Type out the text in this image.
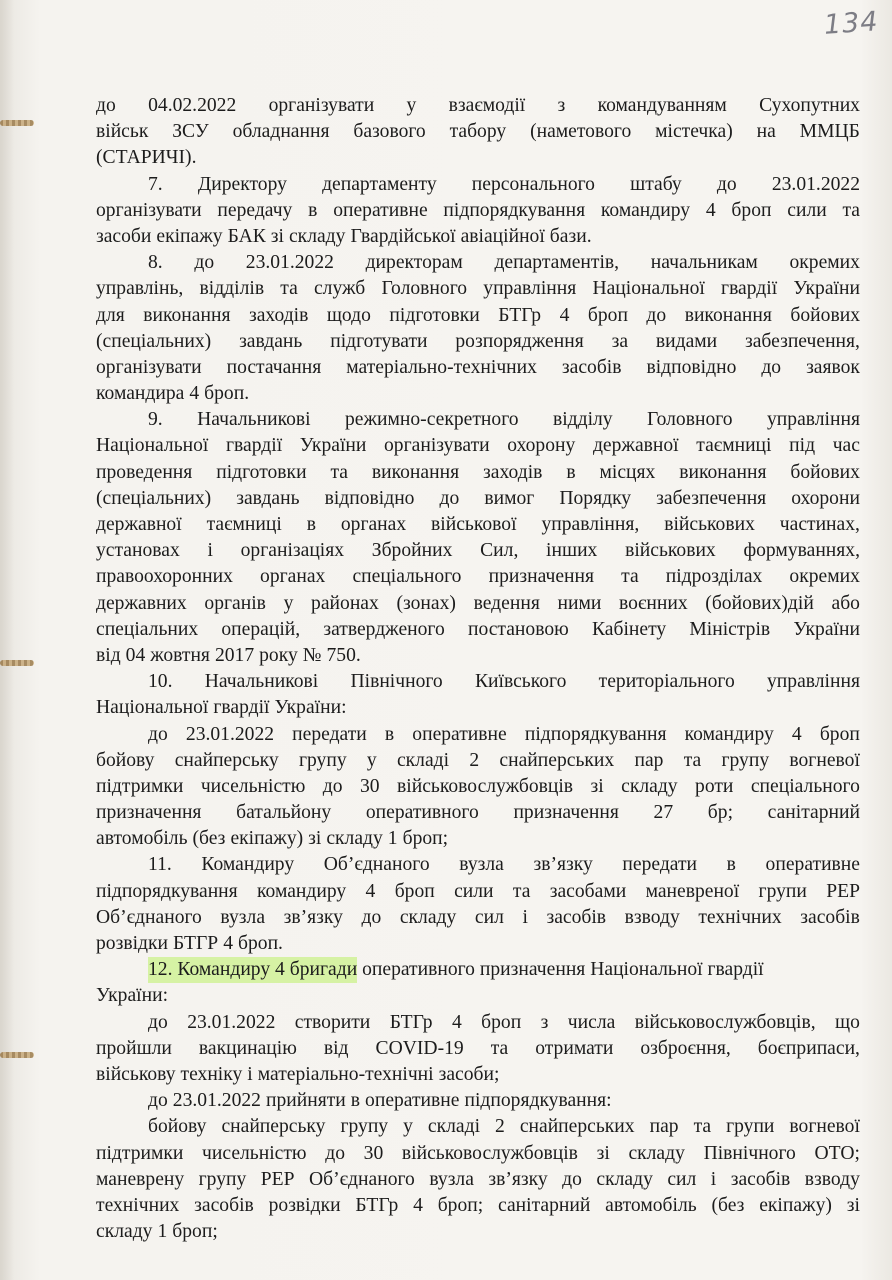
134
до 04.02.2022 організувати у взаємодії з командуванням Сухопутних
військ ЗСУ обладнання базового табору (наметового містечка) на ММЦБ
(СТАРИЧІ).
7. Директору департаменту персонального штабу до 23.01.2022
організувати передачу в оперативне підпорядкування командиру 4 броп сили та
засоби екіпажу БАК зі складу Гвардійської авіаційної бази.
8. до 23.01.2022 директорам департаментів, начальникам окремих
управлінь, відділів та служб Головного управління Національної гвардії України
для виконання заходів щодо підготовки БТГр 4 броп до виконання бойових
(спеціальних) завдань підготувати розпорядження за видами забезпечення,
організувати постачання матеріально-технічних засобів відповідно до заявок
командира 4 броп.
9. Начальникові режимно-секретного відділу Головного управління
Національної гвардії України організувати охорону державної таємниці під час
проведення підготовки та виконання заходів в місцях виконання бойових
(спеціальних) завдань відповідно до вимог Порядку забезпечення охорони
державної таємниці в органах військової управління, військових частинах,
установах і організаціях Збройних Сил, інших військових формуваннях,
правоохоронних органах спеціального призначення та підрозділах окремих
державних органів у районах (зонах) ведення ними воєнних (бойових)дій або
спеціальних операцій, затвердженого постановою Кабінету Міністрів України
від 04 жовтня 2017 року № 750.
10. Начальникові Північного Київського територіального управління
Національної гвардії України:
до 23.01.2022 передати в оперативне підпорядкування командиру 4 броп
бойову снайперську групу у складі 2 снайперських пар та групу вогневої
підтримки чисельністю до 30 військовослужбовців зі складу роти спеціального
призначення батальйону оперативного призначення 27 бр; санітарний
автомобіль (без екіпажу) зі складу 1 броп;
11. Командиру Об’єднаного вузла зв’язку передати в оперативне
підпорядкування командиру 4 броп сили та засобами маневреної групи РЕР
Об’єднаного вузла зв’язку до складу сил і засобів взводу технічних засобів
розвідки БТГР 4 броп.
12. Командиру 4 бригади оперативного призначення Національної гвардії
України:
до 23.01.2022 створити БТГр 4 броп з числа військовослужбовців, що
пройшли вакцинацію від COVID-19 та отримати озброєння, боєприпаси,
військову техніку і матеріально-технічні засоби;
до 23.01.2022 прийняти в оперативне підпорядкування:
бойову снайперську групу у складі 2 снайперських пар та групи вогневої
підтримки чисельністю до 30 військовослужбовців зі складу Північного ОТО;
маневрену групу РЕР Об’єднаного вузла зв’язку до складу сил і засобів взводу
технічних засобів розвідки БТГр 4 броп; санітарний автомобіль (без екіпажу) зі
складу 1 броп;
